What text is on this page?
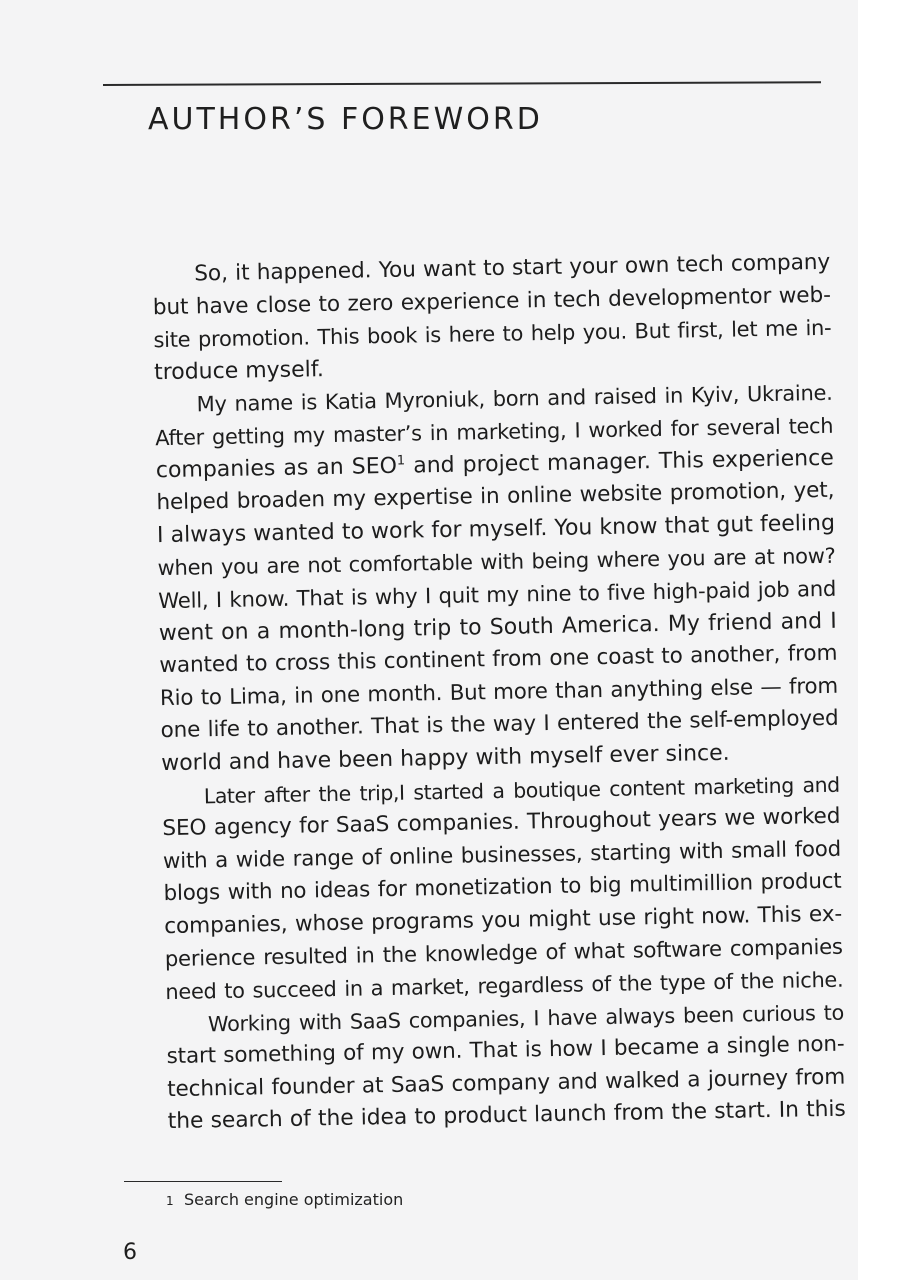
AUTHOR’S FOREWORD

So, it happened. You want to start your own tech company
but have close to zero experience in tech developmentor web-
site promotion. This book is here to help you. But first, let me in-
troduce myself.

My name is Katia Myroniuk, born and raised in Kyiv, Ukraine.
After getting my master’s in marketing, I worked for several tech
companies as an SEO$^1$ and project manager. This experience
helped broaden my expertise in online website promotion, yet,
I always wanted to work for myself. You know that gut feeling
when you are not comfortable with being where you are at now?
Well, I know. That is why I quit my nine to five high-paid job and
went on a month-long trip to South America. My friend and I
wanted to cross this continent from one coast to another, from
Rio to Lima, in one month. But more than anything else — from
one life to another. That is the way I entered the self-employed
world and have been happy with myself ever since.

Later after the trip,I started a boutique content marketing and
SEO agency for SaaS companies. Throughout years we worked
with a wide range of online businesses, starting with small food
blogs with no ideas for monetization to big multimillion product
companies, whose programs you might use right now. This ex-
perience resulted in the knowledge of what software companies
need to succeed in a market, regardless of the type of the niche.

Working with SaaS companies, I have always been curious to
start something of my own. That is how I became a single non-
technical founder at SaaS company and walked a journey from
the search of the idea to product launch from the start. In this

1 Search engine optimization
6
